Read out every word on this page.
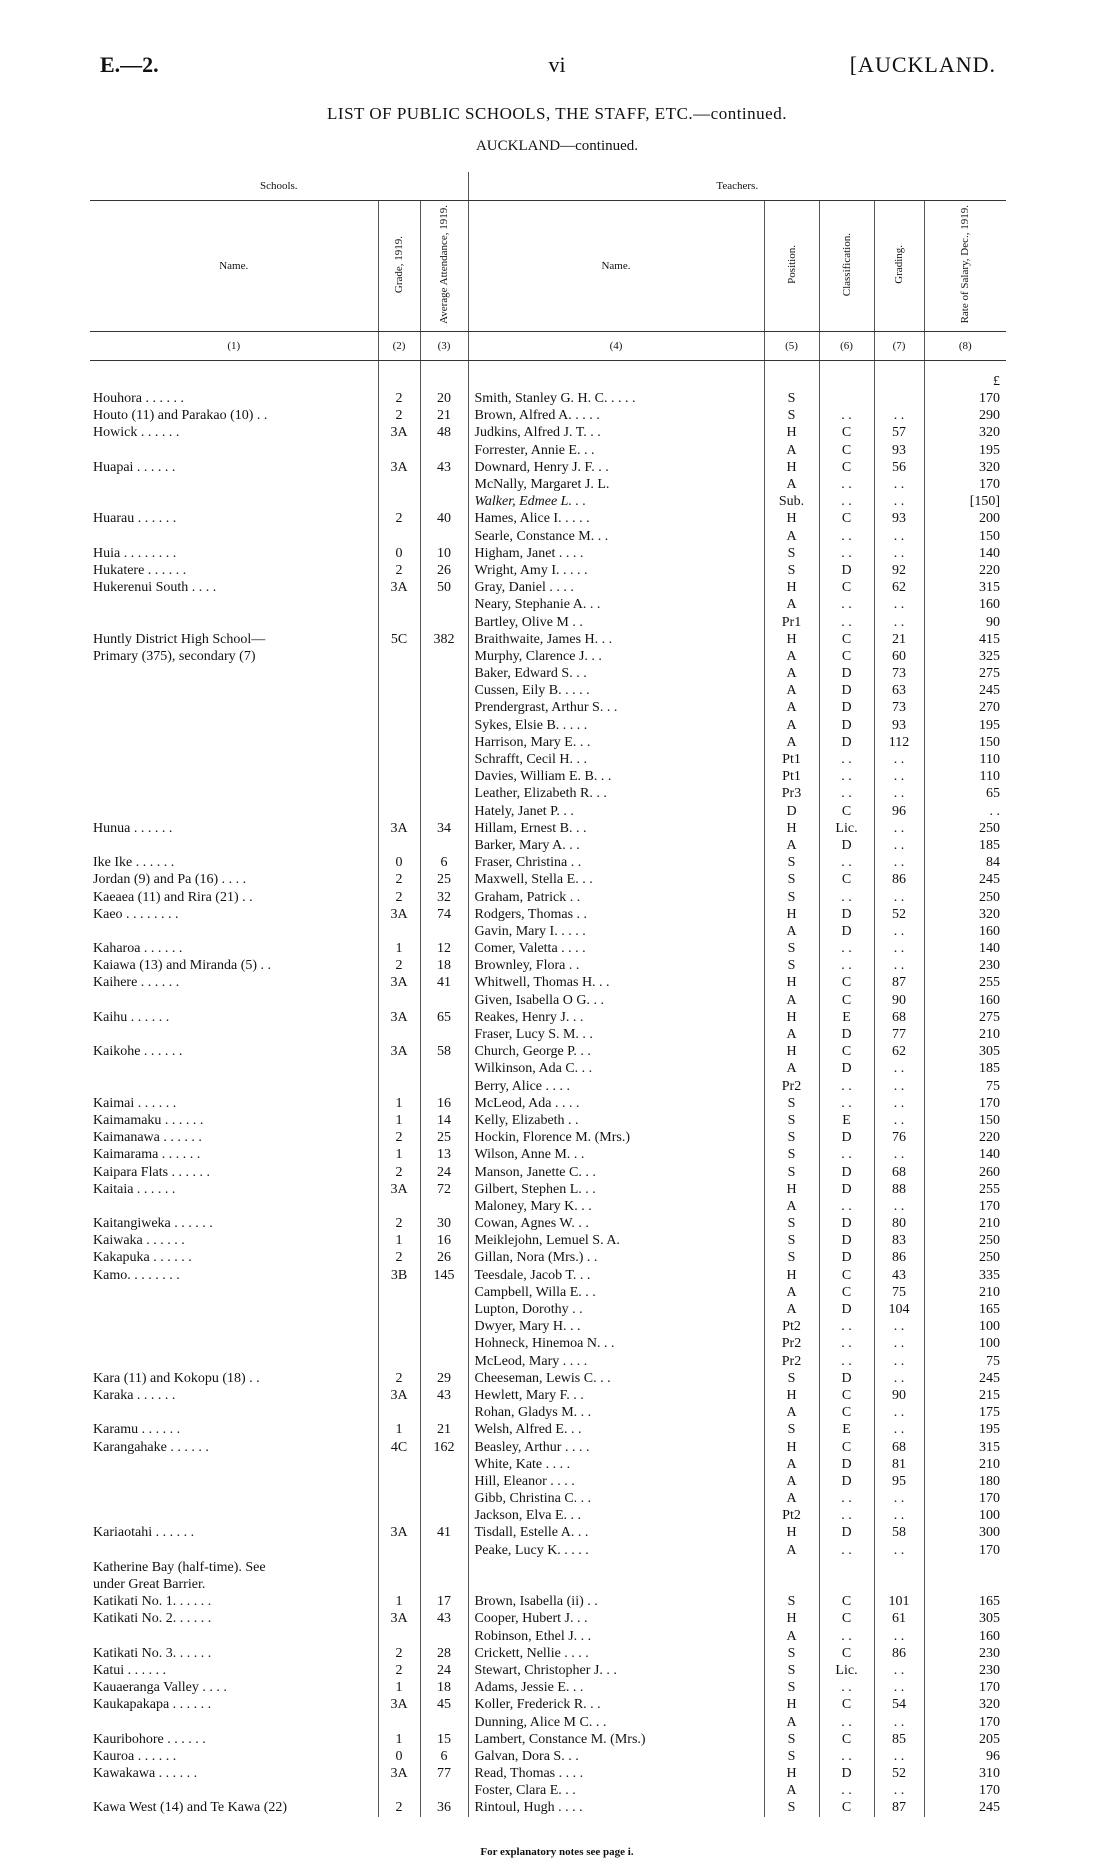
E.—2.	vi	[AUCKLAND.
LIST OF PUBLIC SCHOOLS, THE STAFF, ETC.—continued.
AUCKLAND—continued.
Schools.			Teachers.				
Name.	Grade, 1919.	Average Attendance, 1919.	Name.	Position.	Classification.	Grading.	Rate of Salary, Dec., 1919.
(1)	(2)	(3)	(4)	(5)	(6)	(7)	(8)

							£
Houhora . . . . . .	2	20	Smith, Stanley G. H. C. . . . .	S			170
Houto (11) and Parakao (10) . .	2	21	Brown, Alfred A. . . . .	S	. .	. .	290
Howick . . . . . .	3A	48	Judkins, Alfred J. T. . .	H	C	57	320
			Forrester, Annie E. . .	A	C	93	195
Huapai . . . . . .	3A	43	Downard, Henry J. F. . .	H	C	56	320
			McNally, Margaret J. L.	A	. .	. .	170
			Walker, Edmee L. . .	Sub.	. .	. .	[150]
Huarau . . . . . .	2	40	Hames, Alice I. . . . .	H	C	93	200
			Searle, Constance M. . .	A	. .	. .	150
Huia . . . . . . . .	0	10	Higham, Janet . . . .	S	. .	. .	140
Hukatere . . . . . .	2	26	Wright, Amy I. . . . .	S	D	92	220
Hukerenui South . . . .	3A	50	Gray, Daniel . . . .	H	C	62	315
			Neary, Stephanie A. . .	A	. .	. .	160
			Bartley, Olive M . .	Pr1	. .	. .	90
Huntly District High School—	5C	382	Braithwaite, James H. . .	H	C	21	415
Primary (375), secondary (7)			Murphy, Clarence J. . .	A	C	60	325
			Baker, Edward S. . .	A	D	73	275
			Cussen, Eily B. . . . .	A	D	63	245
			Prendergrast, Arthur S. . .	A	D	73	270
			Sykes, Elsie B. . . . .	A	D	93	195
			Harrison, Mary E. . .	A	D	112	150
			Schrafft, Cecil H. . .	Pt1	. .	. .	110
			Davies, William E. B. . .	Pt1	. .	. .	110
			Leather, Elizabeth R. . .	Pr3	. .	. .	65
			Hately, Janet P. . .	D	C	96	. .
Hunua . . . . . .	3A	34	Hillam, Ernest B. . .	H	Lic.	. .	250
			Barker, Mary A. . .	A	D	. .	185
Ike Ike . . . . . .	0	6	Fraser, Christina . .	S	. .	. .	84
Jordan (9) and Pa (16) . . . .	2	25	Maxwell, Stella E. . .	S	C	86	245
Kaeaea (11) and Rira (21) . .	2	32	Graham, Patrick . .	S	. .	. .	250
Kaeo . . . . . . . .	3A	74	Rodgers, Thomas . .	H	D	52	320
			Gavin, Mary I. . . . .	A	D	. .	160
Kaharoa . . . . . .	1	12	Comer, Valetta . . . .	S	. .	. .	140
Kaiawa (13) and Miranda (5) . .	2	18	Brownley, Flora . .	S	. .	. .	230
Kaihere . . . . . .	3A	41	Whitwell, Thomas H. . .	H	C	87	255
			Given, Isabella O G. . .	A	C	90	160
Kaihu . . . . . .	3A	65	Reakes, Henry J. . .	H	E	68	275
			Fraser, Lucy S. M. . .	A	D	77	210
Kaikohe . . . . . .	3A	58	Church, George P. . .	H	C	62	305
			Wilkinson, Ada C. . .	A	D	. .	185
			Berry, Alice . . . .	Pr2	. .	. .	75
Kaimai . . . . . .	1	16	McLeod, Ada . . . .	S	. .	. .	170
Kaimamaku . . . . . .	1	14	Kelly, Elizabeth . .	S	E	. .	150
Kaimanawa . . . . . .	2	25	Hockin, Florence M. (Mrs.)	S	D	76	220
Kaimarama . . . . . .	1	13	Wilson, Anne M. . .	S	. .	. .	140
Kaipara Flats . . . . . .	2	24	Manson, Janette C. . .	S	D	68	260
Kaitaia . . . . . .	3A	72	Gilbert, Stephen L. . .	H	D	88	255
			Maloney, Mary K. . .	A	. .	. .	170
Kaitangiweka . . . . . .	2	30	Cowan, Agnes W. . .	S	D	80	210
Kaiwaka . . . . . .	1	16	Meiklejohn, Lemuel S. A.	S	D	83	250
Kakapuka . . . . . .	2	26	Gillan, Nora (Mrs.) . .	S	D	86	250
Kamo. . . . . . . .	3B	145	Teesdale, Jacob T. . .	H	C	43	335
			Campbell, Willa E. . .	A	C	75	210
			Lupton, Dorothy . .	A	D	104	165
			Dwyer, Mary H. . .	Pt2	. .	. .	100
			Hohneck, Hinemoa N. . .	Pr2	. .	. .	100
			McLeod, Mary . . . .	Pr2	. .	. .	75
Kara (11) and Kokopu (18) . .	2	29	Cheeseman, Lewis C. . .	S	D	. .	245
Karaka . . . . . .	3A	43	Hewlett, Mary F. . .	H	C	90	215
			Rohan, Gladys M. . .	A	C	. .	175
Karamu . . . . . .	1	21	Welsh, Alfred E. . .	S	E	. .	195
Karangahake . . . . . .	4C	162	Beasley, Arthur . . . .	H	C	68	315
			White, Kate . . . .	A	D	81	210
			Hill, Eleanor . . . .	A	D	95	180
			Gibb, Christina C. . .	A	. .	. .	170
			Jackson, Elva E. . .	Pt2	. .	. .	100
Kariaotahi . . . . . .	3A	41	Tisdall, Estelle A. . .	H	D	58	300
			Peake, Lucy K. . . . .	A	. .	. .	170
Katherine Bay (half-time). See							
under Great Barrier.							
Katikati No. 1. . . . . .	1	17	Brown, Isabella (ii) . .	S	C	101	165
Katikati No. 2. . . . . .	3A	43	Cooper, Hubert J. . .	H	C	61	305
			Robinson, Ethel J. . .	A	. .	. .	160
Katikati No. 3. . . . . .	2	28	Crickett, Nellie . . . .	S	C	86	230
Katui . . . . . .	2	24	Stewart, Christopher J. . .	S	Lic.	. .	230
Kauaeranga Valley . . . .	1	18	Adams, Jessie E. . .	S	. .	. .	170
Kaukapakapa . . . . . .	3A	45	Koller, Frederick R. . .	H	C	54	320
			Dunning, Alice M C. . .	A	. .	. .	170
Kauribohore . . . . . .	1	15	Lambert, Constance M. (Mrs.)	S	C	85	205
Kauroa . . . . . .	0	6	Galvan, Dora S. . .	S	. .	. .	96
Kawakawa . . . . . .	3A	77	Read, Thomas . . . .	H	D	52	310
			Foster, Clara E. . .	A	. .	. .	170
Kawa West (14) and Te Kawa (22)	2	36	Rintoul, Hugh . . . .	S	C	87	245
For explanatory notes see page i.
